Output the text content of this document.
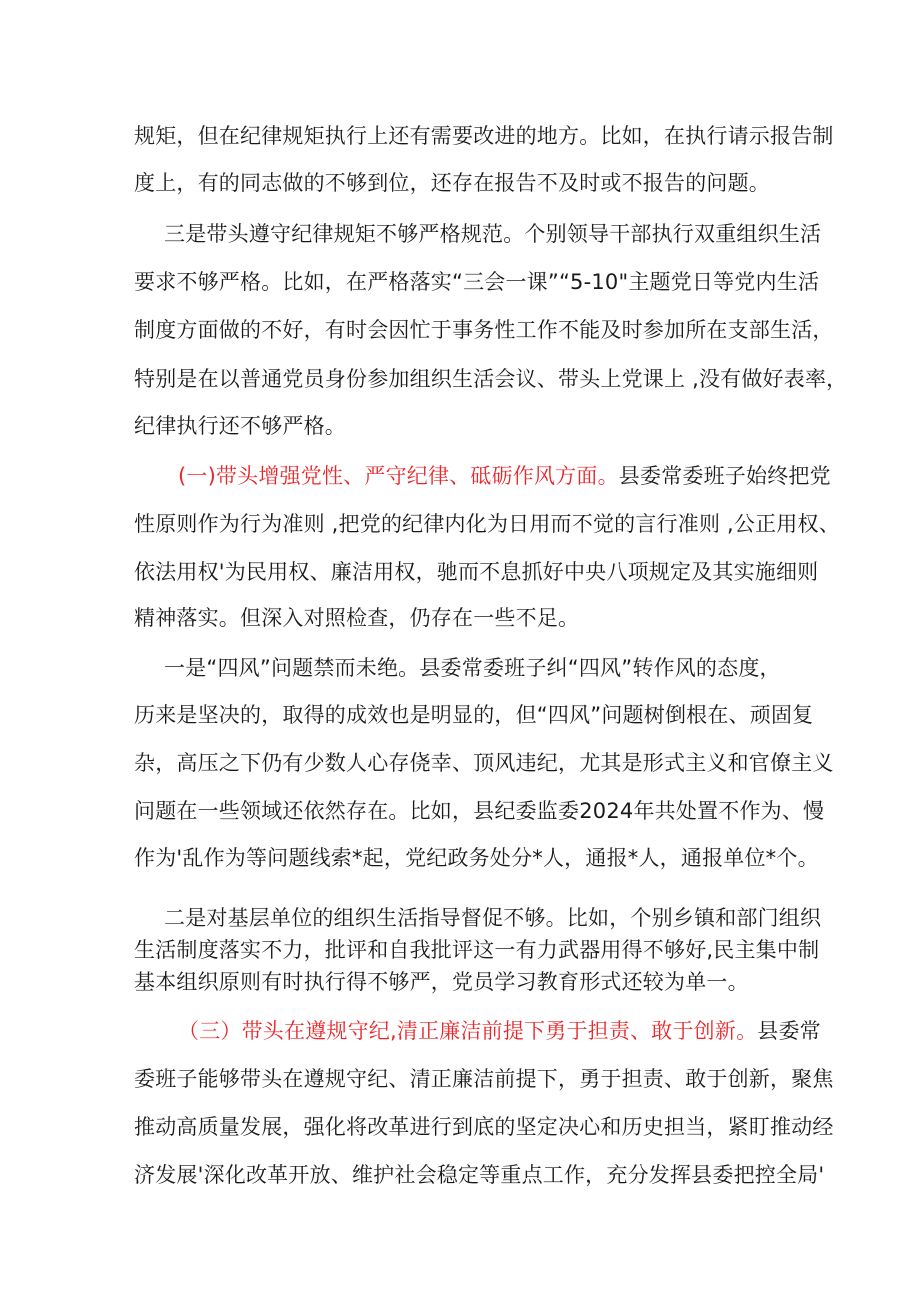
规矩，但在纪律规矩执行上还有需要改进的地方。比如，在执行请示报告制
度上，有的同志做的不够到位，还存在报告不及时或不报告的问题。
三是带头遵守纪律规矩不够严格规范。个别领导干部执行双重组织生活
要求不够严格。比如，在严格落实“三会一课”“5-10"主题党日等党内生活
制度方面做的不好，有时会因忙于事务性工作不能及时参加所在支部生活，
特别是在以普通党员身份参加组织生活会议、带头上党课上 ,没有做好表率，
纪律执行还不够严格。
(一)带头增强党性、严守纪律、砥砺作风方面。县委常委班子始终把党
性原则作为行为准则 ,把党的纪律内化为日用而不觉的言行准则 ,公正用权、
依法用权'为民用权、廉洁用权，驰而不息抓好中央八项规定及其实施细则
精神落实。但深入对照检查，仍存在一些不足。
一是“四风”问题禁而未绝。县委常委班子纠“四风”转作风的态度，
历来是坚决的，取得的成效也是明显的，但“四风”问题树倒根在、顽固复
杂，高压之下仍有少数人心存侥幸、顶风违纪，尤其是形式主义和官僚主义
问题在一些领域还依然存在。比如，县纪委监委2024年共处置不作为、慢
作为'乱作为等问题线索*起，党纪政务处分*人，通报*人，通报单位*个。
二是对基层单位的组织生活指导督促不够。比如，个别乡镇和部门组织
生活制度落实不力，批评和自我批评这一有力武器用得不够好,民主集中制
基本组织原则有时执行得不够严，党员学习教育形式还较为单一。
（三）带头在遵规守纪,清正廉洁前提下勇于担责、敢于创新。县委常
委班子能够带头在遵规守纪、清正廉洁前提下，勇于担责、敢于创新，聚焦
推动高质量发展，强化将改革进行到底的坚定决心和历史担当，紧盯推动经
济发展'深化改革开放、维护社会稳定等重点工作，充分发挥县委把控全局'
